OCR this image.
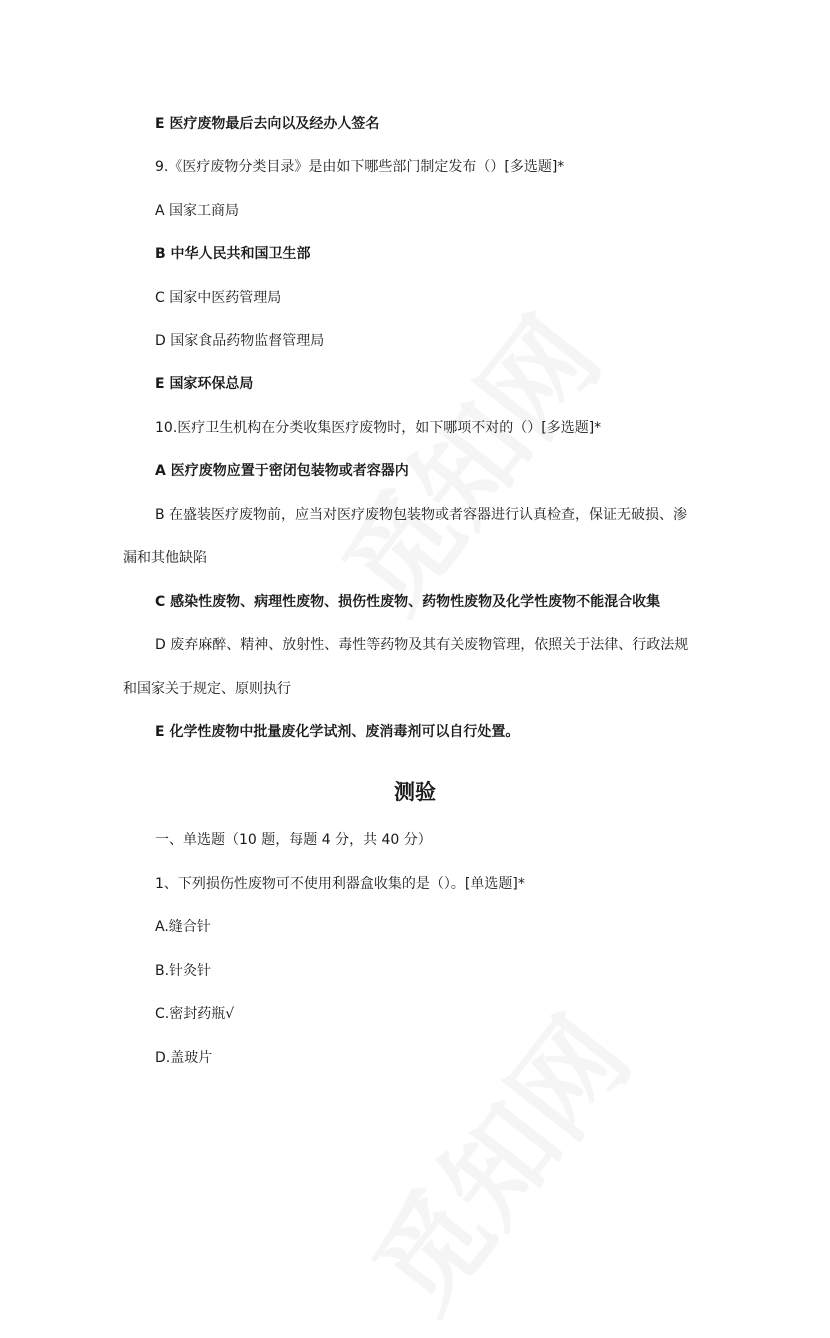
E 医疗废物最后去向以及经办人签名
9.《医疗废物分类目录》是由如下哪些部门制定发布（）[多选题]*
A 国家工商局
B 中华人民共和国卫生部
C 国家中医药管理局
D 国家食品药物监督管理局
E 国家环保总局
10.医疗卫生机构在分类收集医疗废物时，如下哪项不对的（）[多选题]*
A 医疗废物应置于密闭包装物或者容器内
B 在盛装医疗废物前，应当对医疗废物包装物或者容器进行认真检查，保证无破损、渗
漏和其他缺陷
C 感染性废物、病理性废物、损伤性废物、药物性废物及化学性废物不能混合收集
D 废弃麻醉、精神、放射性、毒性等药物及其有关废物管理，依照关于法律、行政法规
和国家关于规定、原则执行
E 化学性废物中批量废化学试剂、废消毒剂可以自行处置。
测验
一、单选题（10 题，每题 4 分，共 40 分）
1、下列损伤性废物可不使用利器盒收集的是（）。[单选题]*
A.缝合针
B.针灸针
C.密封药瓶√
D.盖玻片
